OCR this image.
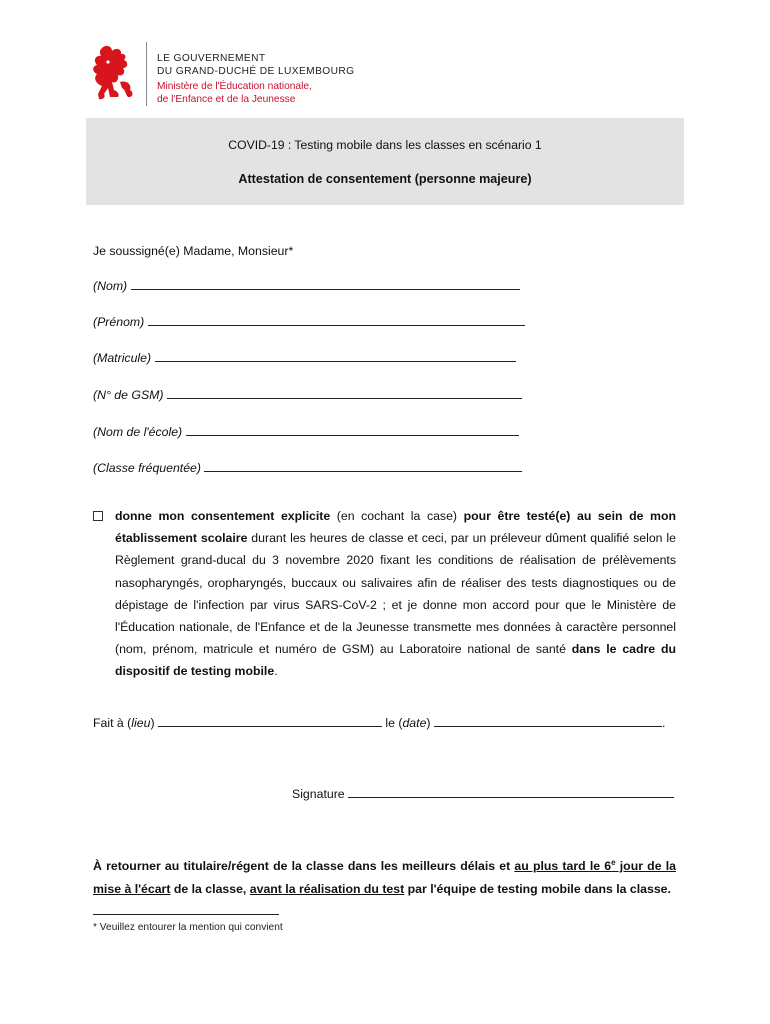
LE GOUVERNEMENT
DU GRAND-DUCHÉ DE LUXEMBOURG
Ministère de l'Éducation nationale,
de l'Enfance et de la Jeunesse
COVID-19 : Testing mobile dans les classes en scénario 1
Attestation de consentement (personne majeure)
Je soussigné(e) Madame, Monsieur*
(Nom)
(Prénom)
(Matricule)
(N° de GSM)
(Nom de l'école)
(Classe fréquentée)
donne mon consentement explicite (en cochant la case) pour être testé(e) au sein de mon établissement scolaire durant les heures de classe et ceci, par un préleveur dûment qualifié selon le Règlement grand-ducal du 3 novembre 2020 fixant les conditions de réalisation de prélèvements nasopharyngés, oropharyngés, buccaux ou salivaires afin de réaliser des tests diagnostiques ou de dépistage de l'infection par virus SARS-CoV-2 ; et je donne mon accord pour que le Ministère de l'Éducation nationale, de l'Enfance et de la Jeunesse transmette mes données à caractère personnel (nom, prénom, matricule et numéro de GSM) au Laboratoire national de santé dans le cadre du dispositif de testing mobile.
Fait à (lieu)	le (date)	.
Signature
À retourner au titulaire/régent de la classe dans les meilleurs délais et au plus tard le 6e jour de la mise à l'écart de la classe, avant la réalisation du test par l'équipe de testing mobile dans la classe.
* Veuillez entourer la mention qui convient
